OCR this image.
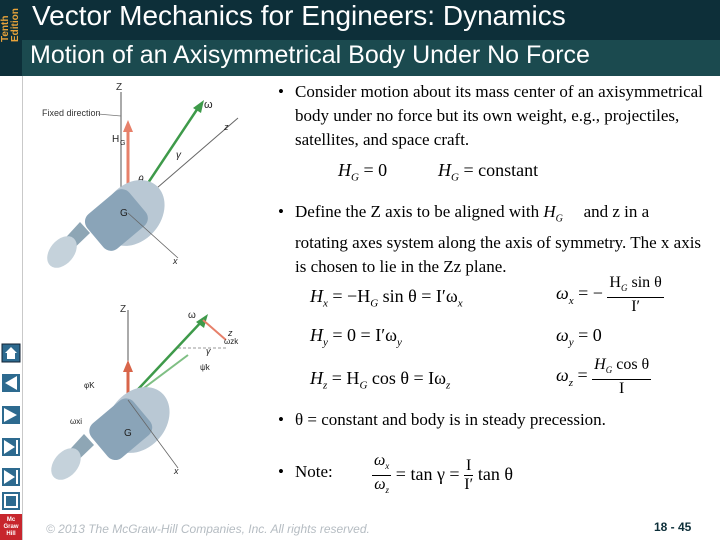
Tenth Edition Vector Mechanics for Engineers: Dynamics
Motion of an Axisymmetrical Body Under No Force
Mc
Graw
Hill
Z
Fixed direction
H G
ω
γ
G
x
z
Z
ω
φ̇K
ωzk
ψ̇k
γ
ωxi
G
x
z
• Consider motion about its mass center of an axisymmetrical body under no force but its own weight, e.g., projectiles, satellites, and space craft.
$H_G = 0$	$H_G$ = constant
• Define the Z axis to be aligned with $H_G$ and z in a rotating axes system along the axis of symmetry. The x axis is chosen to lie in the Zz plane.
$H_x = -H_G$ $\sin \theta = I'\omega_x$
$H_y = 0 = I'\omega_y$
$H_z = H_G$ $\cos \theta = I\omega_z$
$\omega_x$ = − $\frac{H_G \sin \theta}{I'}$
$\omega_y = 0$
$\omega_z = \frac{H_G \cos \theta}{I}$
• θ = constant and body is in steady precession.
• Note:	$\frac{\omega_x}{\omega_z} = \tan \gamma = \frac{I}{I'}$ tan θ
© 2013 The McGraw-Hill Companies, Inc. All rights reserved.	18 - 45
